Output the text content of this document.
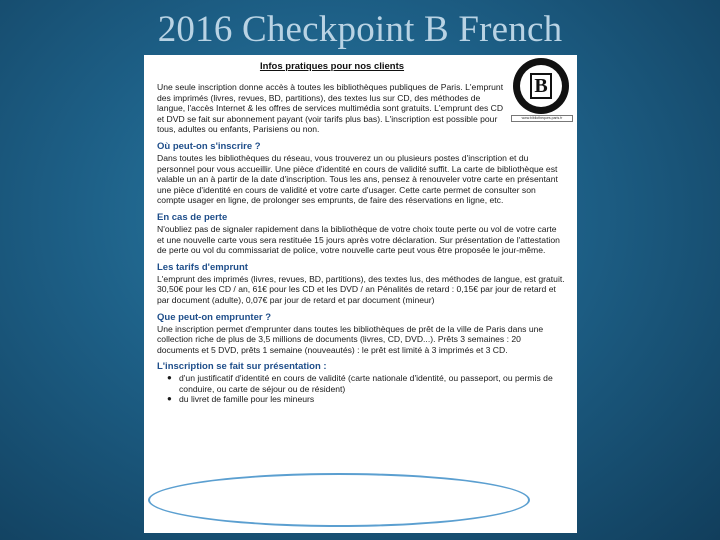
2016 Checkpoint B French
B
www.bibliotheques.paris.fr
Infos pratiques pour nos clients

Une seule inscription donne accès à toutes les bibliothèques publiques de Paris. L'emprunt des imprimés (livres, revues, BD, partitions), des textes lus sur CD, des méthodes de langue, l'accès Internet & les offres de services multimédia sont gratuits. L'emprunt des CD et DVD se fait sur abonnement payant (voir tarifs plus bas). L'inscription est possible pour tous, adultes ou enfants, Parisiens ou non.

Où peut-on s'inscrire ?

Dans toutes les bibliothèques du réseau, vous trouverez un ou plusieurs postes d'inscription et du personnel pour vous accueillir. Une pièce d'identité en cours de validité suffit. La carte de bibliothèque est valable un an à partir de la date d'inscription. Tous les ans, pensez à renouveler votre carte en présentant une pièce d'identité en cours de validité et votre carte d'usager. Cette carte permet de consulter son compte usager en ligne, de prolonger ses emprunts, de faire des réservations en ligne, etc.

En cas de perte

N'oubliez pas de signaler rapidement dans la bibliothèque de votre choix toute perte ou vol de votre carte et une nouvelle carte vous sera restituée 15 jours après votre déclaration. Sur présentation de l'attestation de perte ou vol du commissariat de police, votre nouvelle carte peut vous être proposée le jour-même.

Les tarifs d'emprunt

L'emprunt des imprimés (livres, revues, BD, partitions), des textes lus, des méthodes de langue, est gratuit. 30,50€ pour les CD / an, 61€ pour les CD et les DVD / an Pénalités de retard : 0,15€ par jour de retard et par document (adulte), 0,07€ par jour de retard et par document (mineur)

Que peut-on emprunter ?

Une inscription permet d'emprunter dans toutes les bibliothèques de prêt de la ville de Paris dans une collection riche de plus de 3,5 millions de documents (livres, CD, DVD...). Prêts 3 semaines : 20 documents et 5 DVD, prêts 1 semaine (nouveautés) : le prêt est limité à 3 imprimés et 3 CD.

L'inscription se fait sur présentation :
● d'un justificatif d'identité en cours de validité (carte nationale d'identité, ou passeport, ou permis de conduire, ou carte de séjour ou de résident)
● du livret de famille pour les mineurs
